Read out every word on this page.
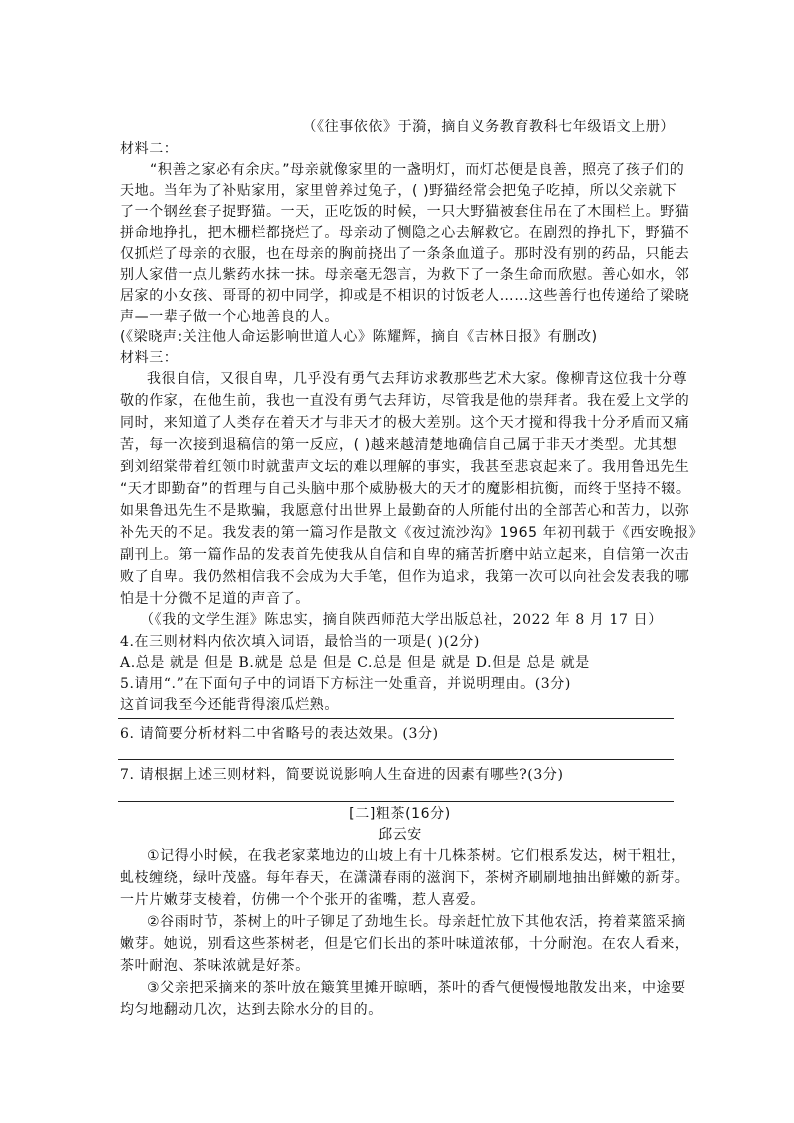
（《往事依依》于漪，摘自义务教育教科七年级语文上册）
材料二：
“积善之家必有余庆。”母亲就像家里的一盏明灯，而灯芯便是良善，照亮了孩子们的
天地。当年为了补贴家用，家里曾养过兔子，( )野猫经常会把兔子吃掉，所以父亲就下
了一个钢丝套子捉野猫。一天，正吃饭的时候，一只大野猫被套住吊在了木围栏上。野猫
拼命地挣扎，把木栅栏都挠烂了。母亲动了恻隐之心去解救它。在剧烈的挣扎下，野猫不
仅抓烂了母亲的衣服，也在母亲的胸前挠出了一条条血道子。那时没有别的药品，只能去
别人家借一点儿紫药水抹一抹。母亲毫无怨言，为救下了一条生命而欣慰。善心如水，邻
居家的小女孩、哥哥的初中同学，抑或是不相识的讨饭老人……这些善行也传递给了梁晓
声—一辈子做一个心地善良的人。
(《梁晓声:关注他人命运影响世道人心》陈耀辉，摘自《吉林日报》有删改)
材料三：
我很自信，又很自卑，几乎没有勇气去拜访求教那些艺术大家。像柳青这位我十分尊
敬的作家，在他生前，我也一直没有勇气去拜访，尽管我是他的崇拜者。我在爱上文学的
同时，来知道了人类存在着天才与非天才的极大差别。这个天才搅和得我十分矛盾而又痛
苦，每一次接到退稿信的第一反应，( )越来越清楚地确信自己属于非天才类型。尤其想
到刘绍棠带着红领巾时就蜚声文坛的难以理解的事实，我甚至悲哀起来了。我用鲁迅先生
“天才即勤奋”的哲理与自己头脑中那个威胁极大的天才的魔影相抗衡，而终于坚持不辍。
如果鲁迅先生不是欺骗，我愿意付出世界上最勤奋的人所能付出的全部苦心和苦力，以弥
补先天的不足。我发表的第一篇习作是散文《夜过流沙沟》1965 年初刊载于《西安晚报》
副刊上。第一篇作品的发表首先使我从自信和自卑的痛苦折磨中站立起来，自信第一次击
败了自卑。我仍然相信我不会成为大手笔，但作为追求，我第一次可以向社会发表我的哪
怕是十分微不足道的声音了。
（《我的文学生涯》陈忠实，摘自陕西师范大学出版总社，2022 年 8 月 17 日）
4.在三则材料内依次填入词语，最恰当的一项是( )(2分)
A.总是 就是 但是 B.就是 总是 但是 C.总是 但是 就是 D.但是 总是 就是
5.请用“.”在下面句子中的词语下方标注一处重音，并说明理由。(3分)
这首词我至今还能背得滚瓜烂熟。
6. 请简要分析材料二中省略号的表达效果。(3分)
7. 请根据上述三则材料，简要说说影响人生奋进的因素有哪些?(3分)
[二]粗茶(16分)
邱云安
①记得小时候，在我老家菜地边的山坡上有十几株茶树。它们根系发达，树干粗壮，
虬枝缠绕，绿叶茂盛。每年春天，在潇潇春雨的滋润下，茶树齐刷刷地抽出鲜嫩的新芽。
一片片嫩芽支棱着，仿佛一个个张开的雀嘴，惹人喜爱。
②谷雨时节，茶树上的叶子铆足了劲地生长。母亲赶忙放下其他农活，挎着菜篮采摘
嫩芽。她说，别看这些茶树老，但是它们长出的茶叶味道浓郁，十分耐泡。在农人看来，
茶叶耐泡、茶味浓就是好茶。
③父亲把采摘来的茶叶放在簸箕里摊开晾晒，茶叶的香气便慢慢地散发出来，中途要
均匀地翻动几次，达到去除水分的目的。
